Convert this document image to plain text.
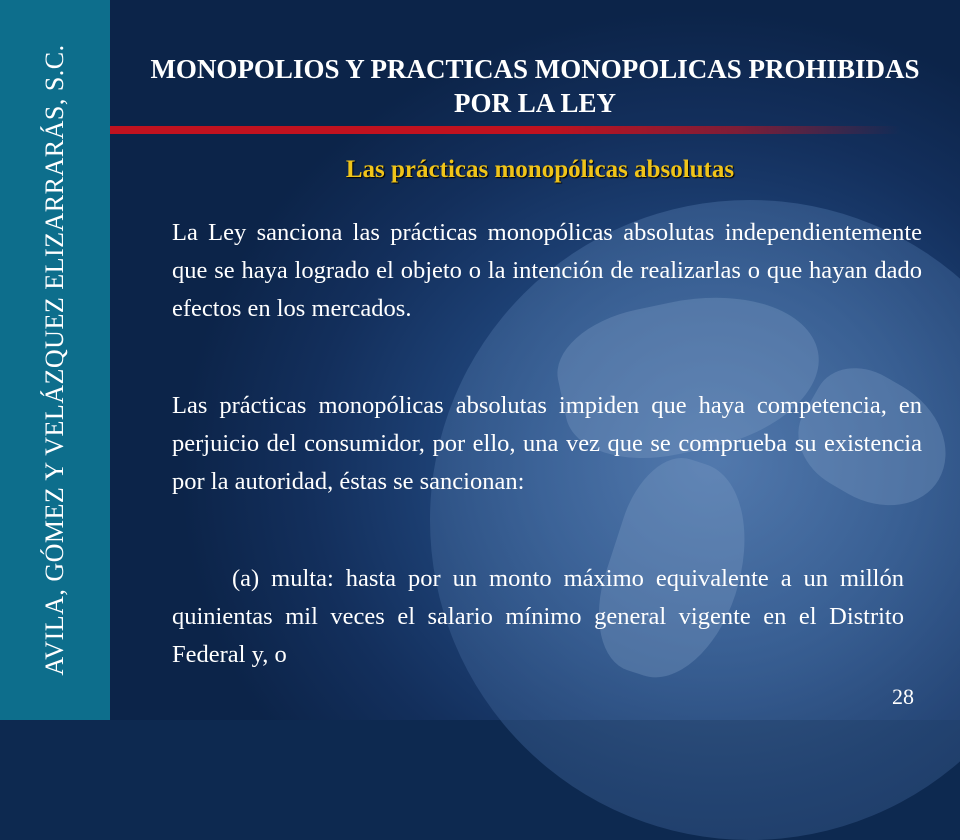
AVILA, GÓMEZ Y VELÁZQUEZ ELIZARRARÁS, S.C.	MONOPOLIOS Y PRACTICAS MONOPOLICAS PROHIBIDAS POR LA LEY
Las prácticas monopólicas absolutas

La Ley sanciona las prácticas monopólicas absolutas independientemente que se haya logrado el objeto o la intención de realizarlas o que hayan dado efectos en los mercados.

Las prácticas monopólicas absolutas impiden que haya competencia, en perjuicio del consumidor, por ello, una vez que se comprueba su existencia por la autoridad, éstas se sancionan:

(a) multa: hasta por un monto máximo equivalente a un millón quinientas mil veces el salario mínimo general vigente en el Distrito Federal y, o

28
